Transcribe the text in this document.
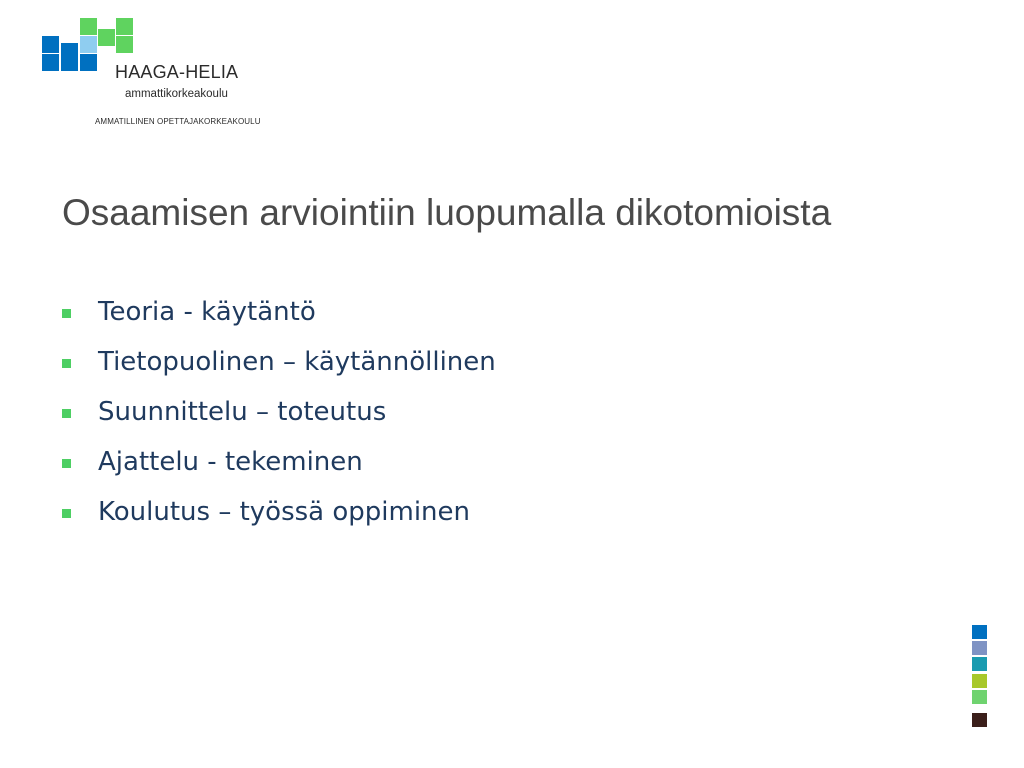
HAAGA-HELIA
ammattikorkeakoulu
AMMATILLINEN OPETTAJAKORKEAKOULU
Osaamisen arviointiin luopumalla dikotomioista
Teoria - käytäntö
Tietopuolinen – käytännöllinen
Suunnittelu – toteutus
Ajattelu - tekeminen
Koulutus – työssä oppiminen
